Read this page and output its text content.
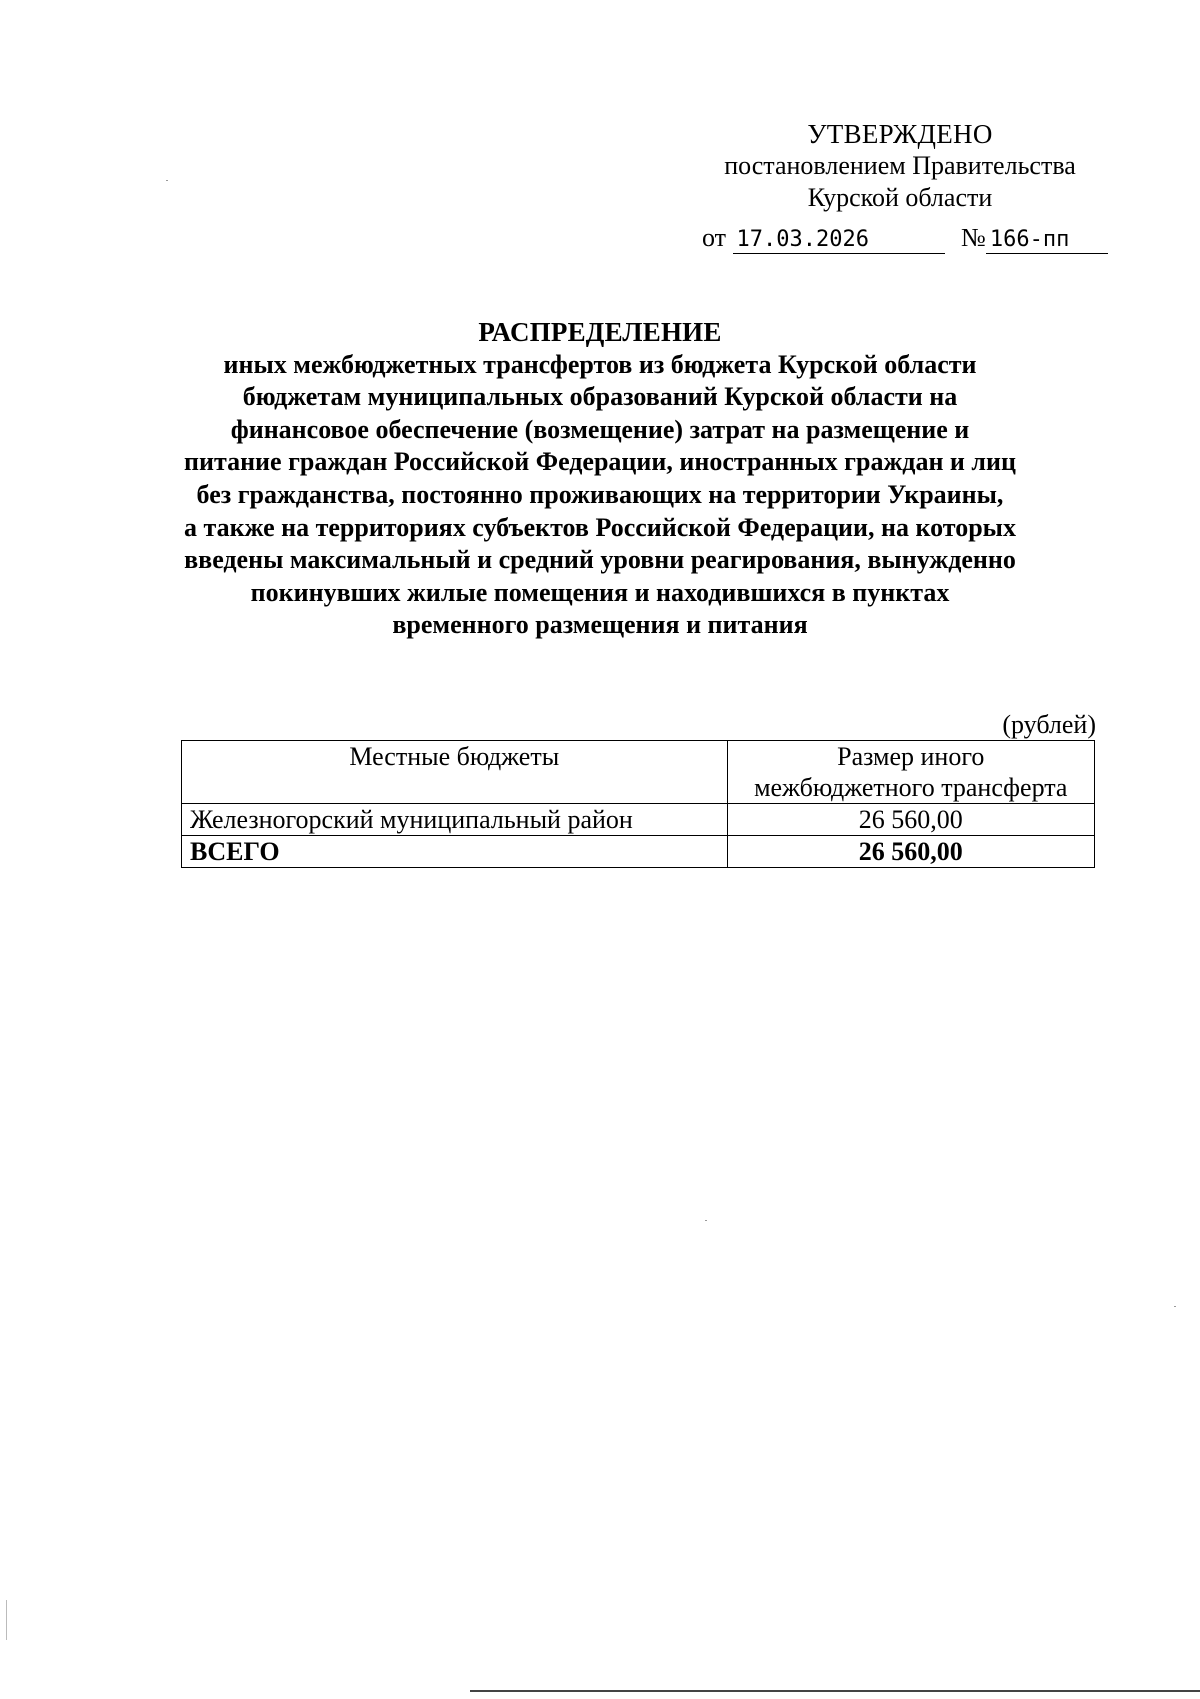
УТВЕРЖДЕНО
постановлением Правительства
Курской области
от 17.03.2026	№ 166-пп
РАСПРЕДЕЛЕНИЕ
иных межбюджетных трансфертов из бюджета Курской области
бюджетам муниципальных образований Курской области на
финансовое обеспечение (возмещение) затрат на размещение и
питание граждан Российской Федерации, иностранных граждан и лиц
без гражданства, постоянно проживающих на территории Украины,
а также на территориях субъектов Российской Федерации, на которых
введены максимальный и средний уровни реагирования, вынужденно
покинувших жилые помещения и находившихся в пунктах
временного размещения и питания
(рублей)
Местные бюджеты	Размер иного
межбюджетного трансферта
Железногорский муниципальный район	26 560,00
ВСЕГО	26 560,00
